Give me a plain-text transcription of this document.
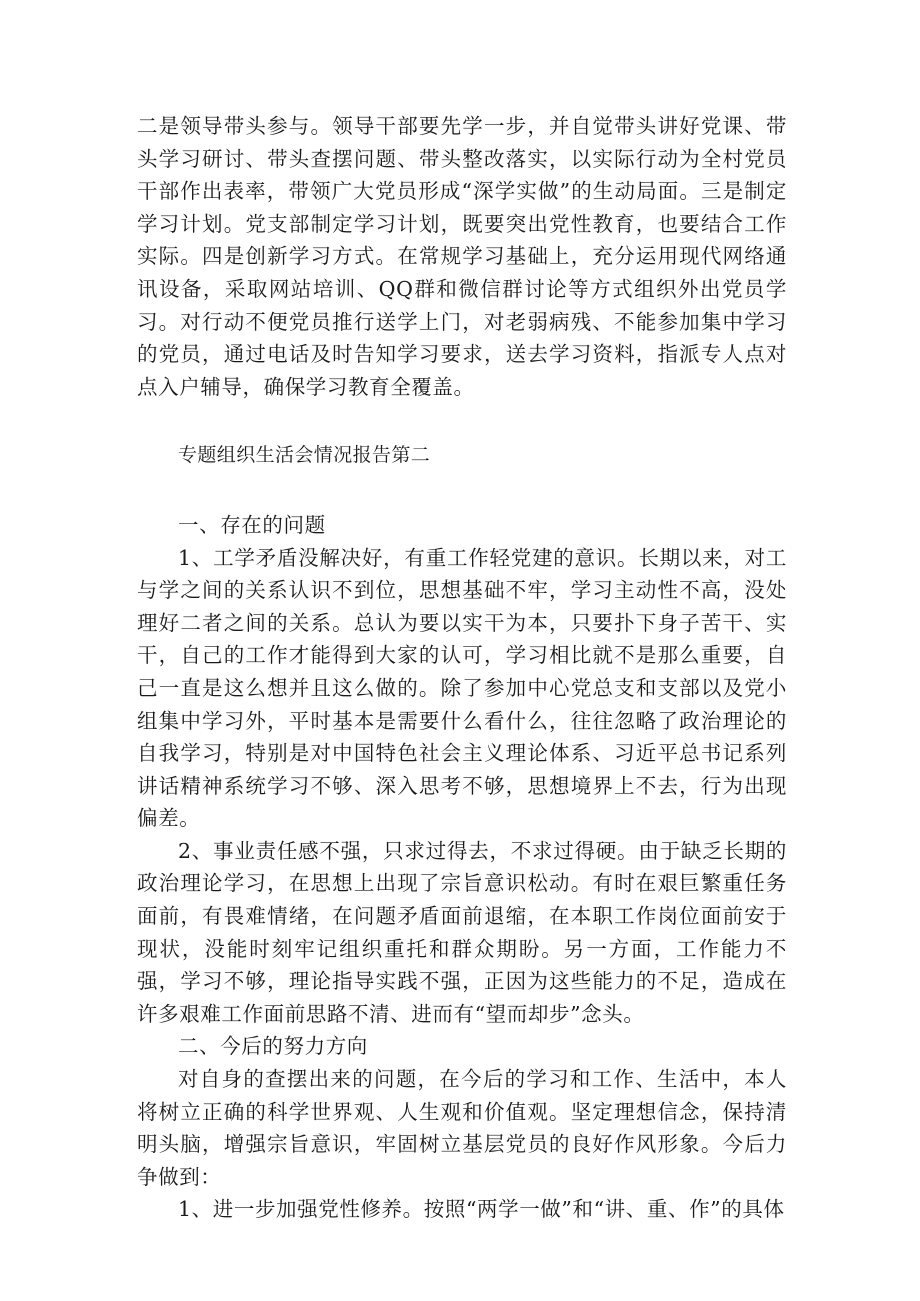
二是领导带头参与。领导干部要先学一步，并自觉带头讲好党课、带头学习研讨、带头查摆问题、带头整改落实，以实际行动为全村党员干部作出表率，带领广大党员形成“深学实做”的生动局面。三是制定学习计划。党支部制定学习计划，既要突出党性教育，也要结合工作实际。四是创新学习方式。在常规学习基础上，充分运用现代网络通讯设备，采取网站培训、QQ群和微信群讨论等方式组织外出党员学习。对行动不便党员推行送学上门，对老弱病残、不能参加集中学习的党员，通过电话及时告知学习要求，送去学习资料，指派专人点对点入户辅导，确保学习教育全覆盖。

专题组织生活会情况报告第二

一、存在的问题

1、工学矛盾没解决好，有重工作轻党建的意识。长期以来，对工与学之间的关系认识不到位，思想基础不牢，学习主动性不高，没处理好二者之间的关系。总认为要以实干为本，只要扑下身子苦干、实干，自己的工作才能得到大家的认可，学习相比就不是那么重要，自己一直是这么想并且这么做的。除了参加中心党总支和支部以及党小组集中学习外，平时基本是需要什么看什么，往往忽略了政治理论的自我学习，特别是对中国特色社会主义理论体系、习近平总书记系列讲话精神系统学习不够、深入思考不够，思想境界上不去，行为出现偏差。

2、事业责任感不强，只求过得去，不求过得硬。由于缺乏长期的政治理论学习，在思想上出现了宗旨意识松动。有时在艰巨繁重任务面前，有畏难情绪，在问题矛盾面前退缩，在本职工作岗位面前安于现状，没能时刻牢记组织重托和群众期盼。另一方面，工作能力不强，学习不够，理论指导实践不强，正因为这些能力的不足，造成在许多艰难工作面前思路不清、进而有“望而却步”念头。

二、今后的努力方向

对自身的查摆出来的问题，在今后的学习和工作、生活中，本人将树立正确的科学世界观、人生观和价值观。坚定理想信念，保持清明头脑，增强宗旨意识，牢固树立基层党员的良好作风形象。今后力争做到：

1、进一步加强党性修养。按照“两学一做”和“讲、重、作”的具体
